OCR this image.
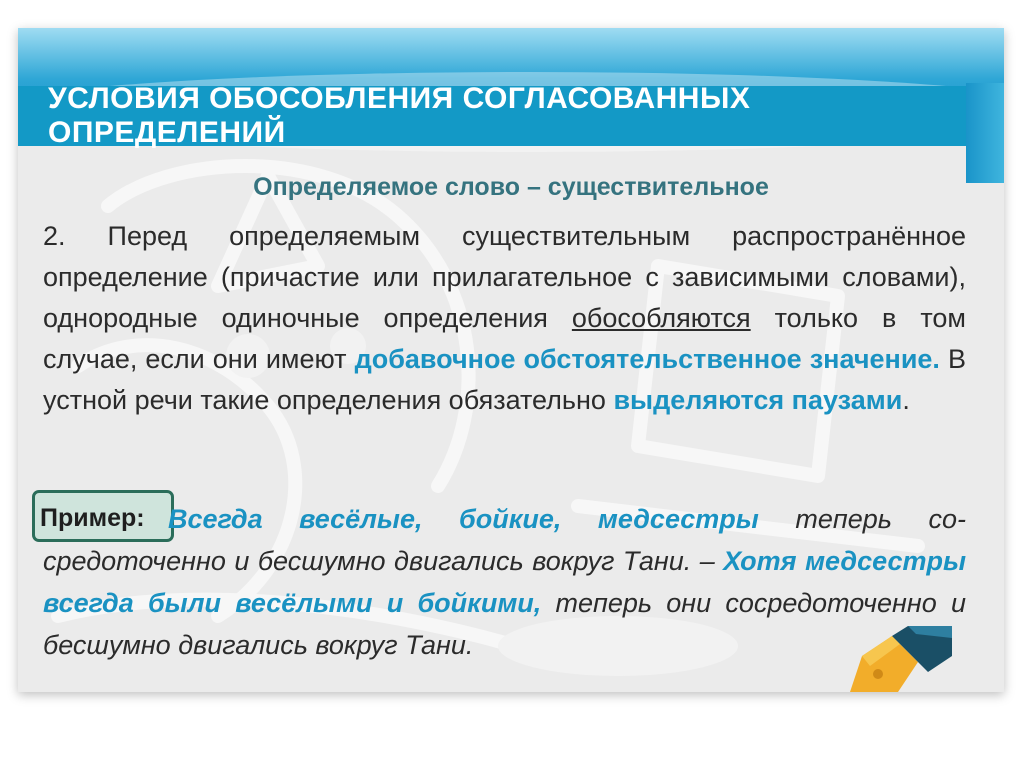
УСЛОВИЯ ОБОСОБЛЕНИЯ СОГЛАСОВАННЫХ ОПРЕДЕЛЕНИЙ
Определяемое слово – существительное
2. Перед определяемым существительным распространённое определение (причастие или прилагательное с зависимыми словами), однородные одиночные определения обособляются только в том случае, если они имеют добавочное обстоятельственное значение. В устной речи такие определения обязательно выделяются паузами.
Пример: Всегда весёлые, бойкие, медсестры теперь сосредоточенно и бесшумно двигались вокруг Тани. – Хотя медсестры всегда были весёлыми и бойкими, теперь они сосредоточенно и бесшумно двигались вокруг Тани.
